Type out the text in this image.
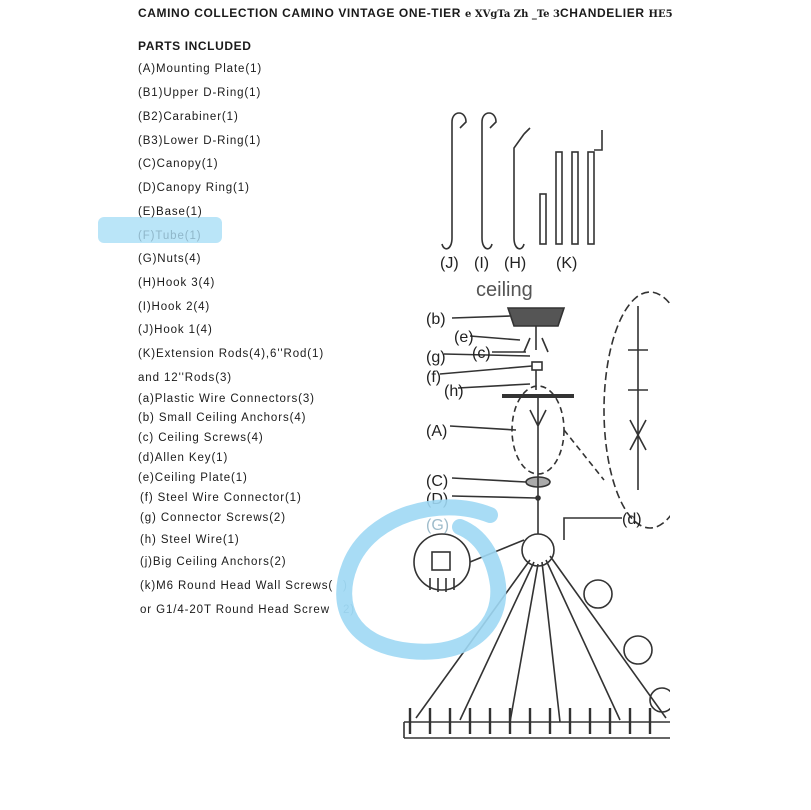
CAMINO COLLECTION CAMINO VINTAGE ONE-TIER e XVgTa Zh _Te 3CHANDELIER HE5
PARTS INCLUDED
(A)Mounting Plate(1)
(B1)Upper D-Ring(1)
(B2)Carabiner(1)
(B3)Lower D-Ring(1)
(C)Canopy(1)
(D)Canopy Ring(1)
(E)Base(1)
(F)Tube(1)
(G)Nuts(4)
(H)Hook 3(4)
(I)Hook 2(4)
(J)Hook 1(4)
(K)Extension Rods(4),6''Rod(1)
and 12''Rods(3)
(a)Plastic Wire Connectors(3)
(b) Small Ceiling Anchors(4)
(c) Ceiling Screws(4)
(d)Allen Key(1)
(e)Ceiling Plate(1)
(f) Steel Wire Connector(1)
(g) Connector Screws(2)
(h) Steel Wire(1)
(j)Big Ceiling Anchors(2)
(k)M6 Round Head Wall Screws(
or G1/4-20T Round Head Screw
)
2)
ceiling
(J) (I) (H) (K)
(b)
(e)
(c)
(g)
(f)
(h)
(A)
(C)
(D)
(G)	(d)
